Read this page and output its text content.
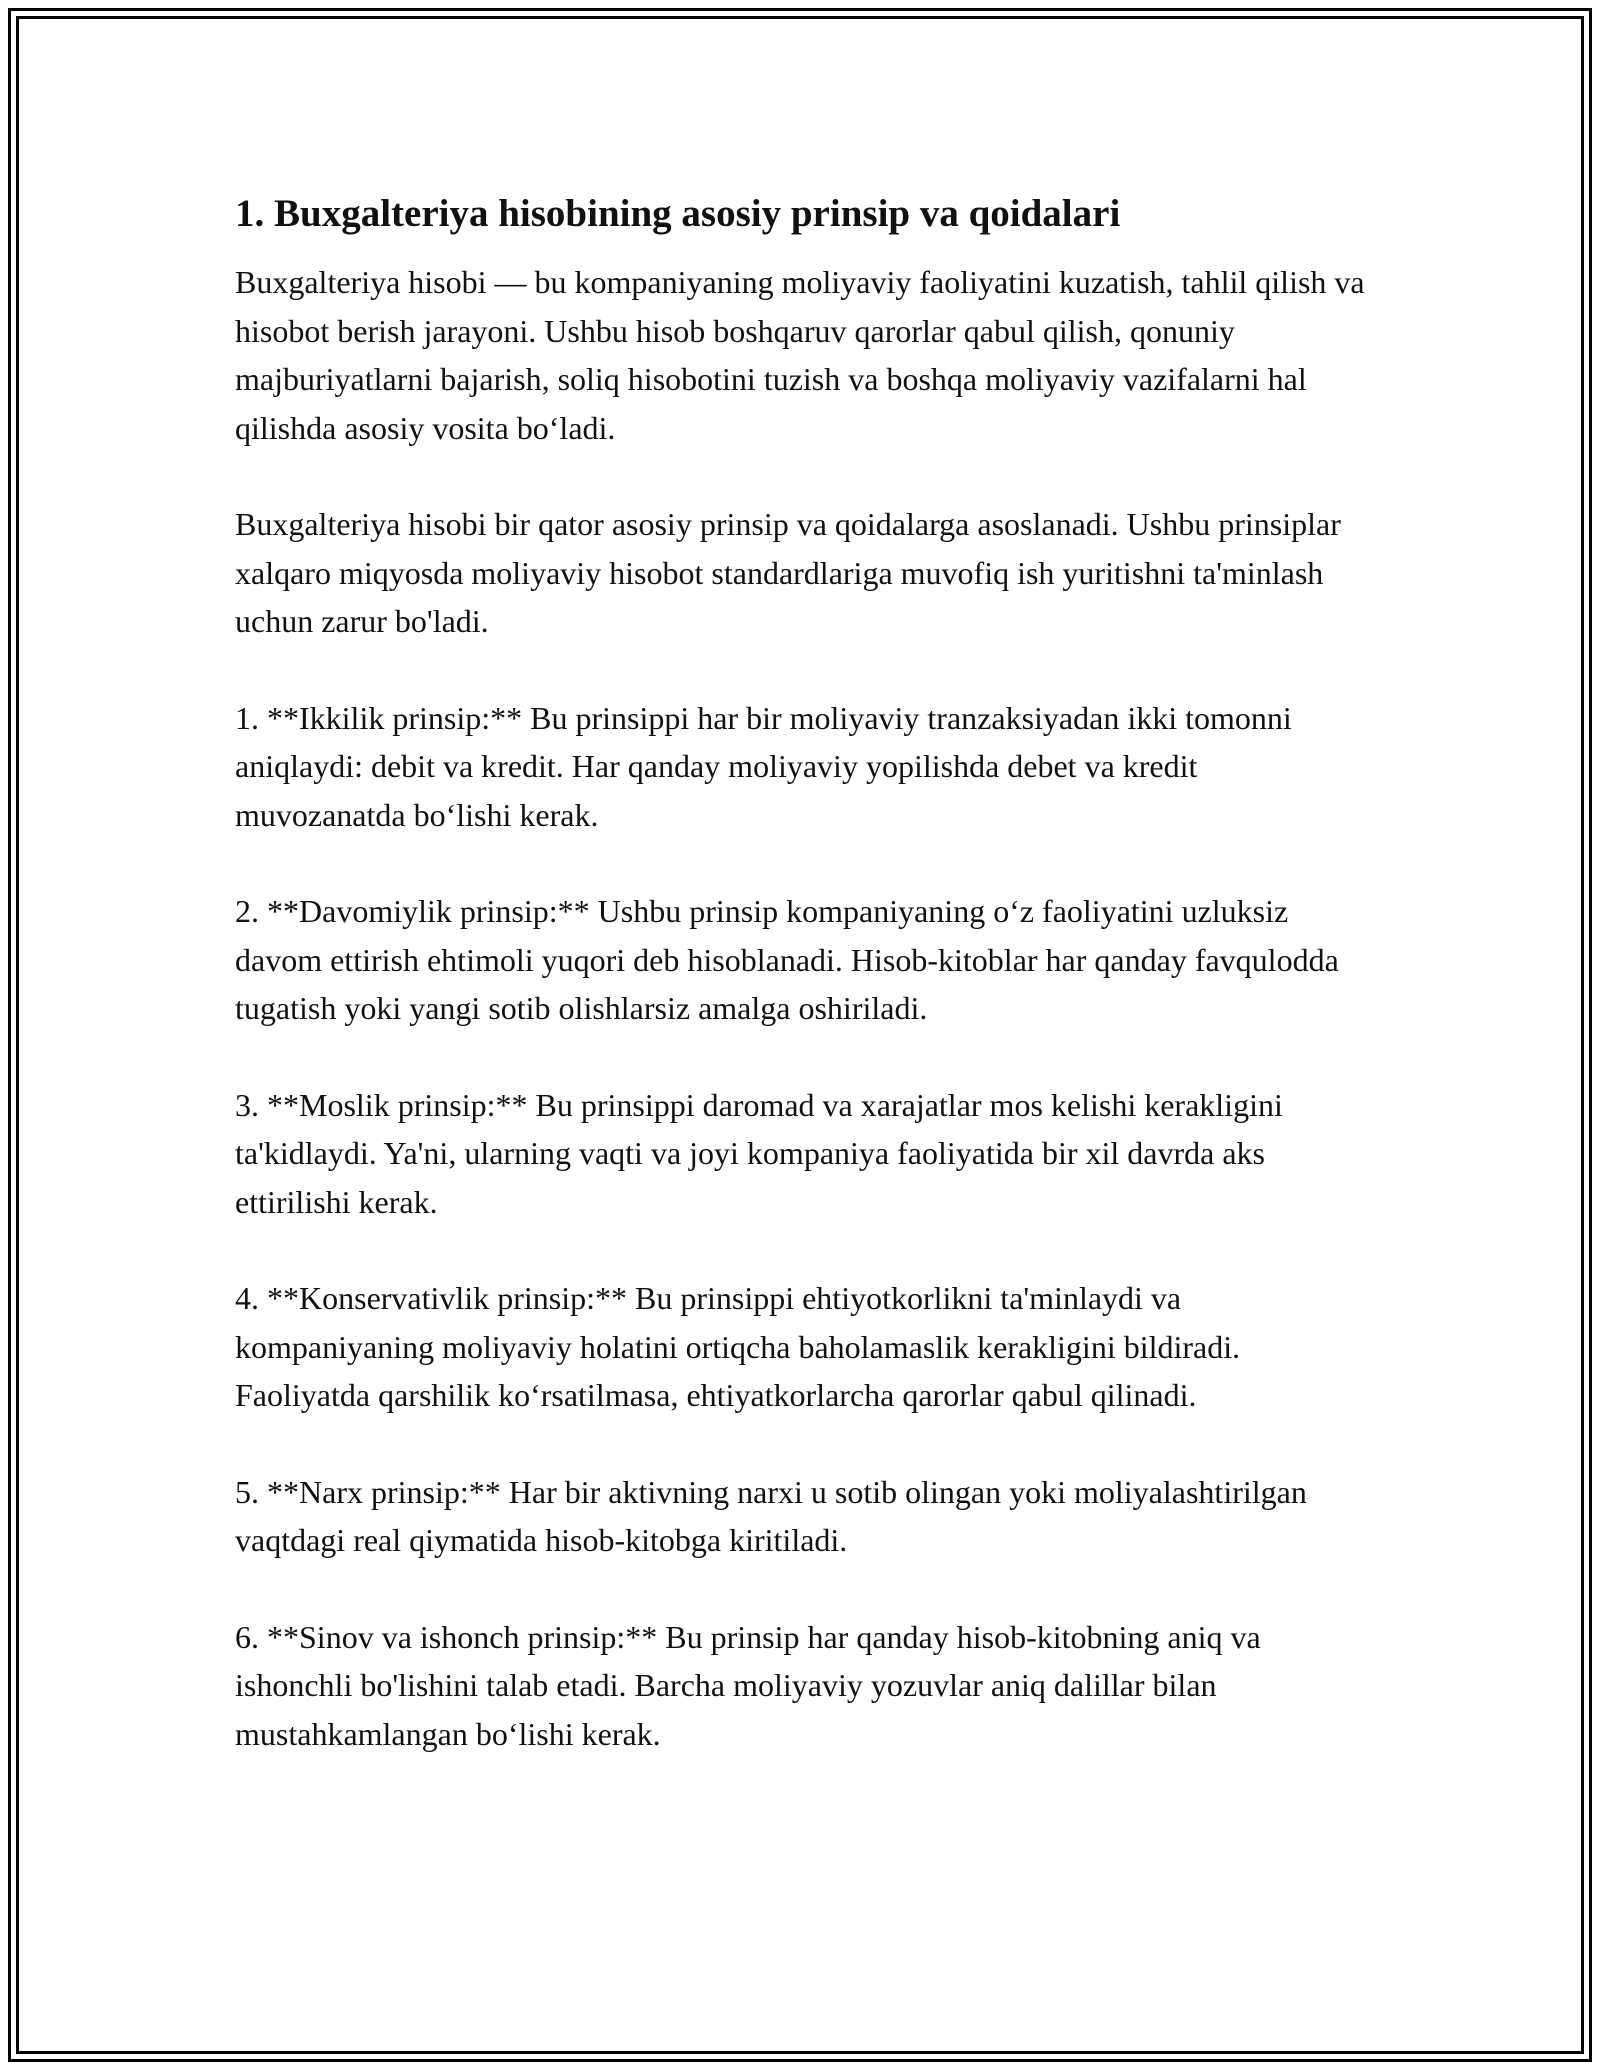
1. Buxgalteriya hisobining asosiy prinsip va qoidalari

Buxgalteriya hisobi — bu kompaniyaning moliyaviy faoliyatini kuzatish, tahlil qilish va hisobot berish jarayoni. Ushbu hisob boshqaruv qarorlar qabul qilish, qonuniy majburiyatlarni bajarish, soliq hisobotini tuzish va boshqa moliyaviy vazifalarni hal qilishda asosiy vosita bo‘ladi.

Buxgalteriya hisobi bir qator asosiy prinsip va qoidalarga asoslanadi. Ushbu prinsiplar xalqaro miqyosda moliyaviy hisobot standardlariga muvofiq ish yuritishni ta'minlash uchun zarur bo'ladi.

1. **Ikkilik prinsip:** Bu prinsippi har bir moliyaviy tranzaksiyadan ikki tomonni aniqlaydi: debit va kredit. Har qanday moliyaviy yopilishda debet va kredit muvozanatda bo‘lishi kerak.

2. **Davomiylik prinsip:** Ushbu prinsip kompaniyaning o‘z faoliyatini uzluksiz davom ettirish ehtimoli yuqori deb hisoblanadi. Hisob-kitoblar har qanday favqulodda tugatish yoki yangi sotib olishlarsiz amalga oshiriladi.

3. **Moslik prinsip:** Bu prinsippi daromad va xarajatlar mos kelishi kerakligini ta'kidlaydi. Ya'ni, ularning vaqti va joyi kompaniya faoliyatida bir xil davrda aks ettirilishi kerak.

4. **Konservativlik prinsip:** Bu prinsippi ehtiyotkorlikni ta'minlaydi va kompaniyaning moliyaviy holatini ortiqcha baholamaslik kerakligini bildiradi. Faoliyatda qarshilik ko‘rsatilmasa, ehtiyatkorlarcha qarorlar qabul qilinadi.

5. **Narx prinsip:** Har bir aktivning narxi u sotib olingan yoki moliyalashtirilgan vaqtdagi real qiymatida hisob-kitobga kiritiladi.

6. **Sinov va ishonch prinsip:** Bu prinsip har qanday hisob-kitobning aniq va ishonchli bo'lishini talab etadi. Barcha moliyaviy yozuvlar aniq dalillar bilan mustahkamlangan bo‘lishi kerak.
